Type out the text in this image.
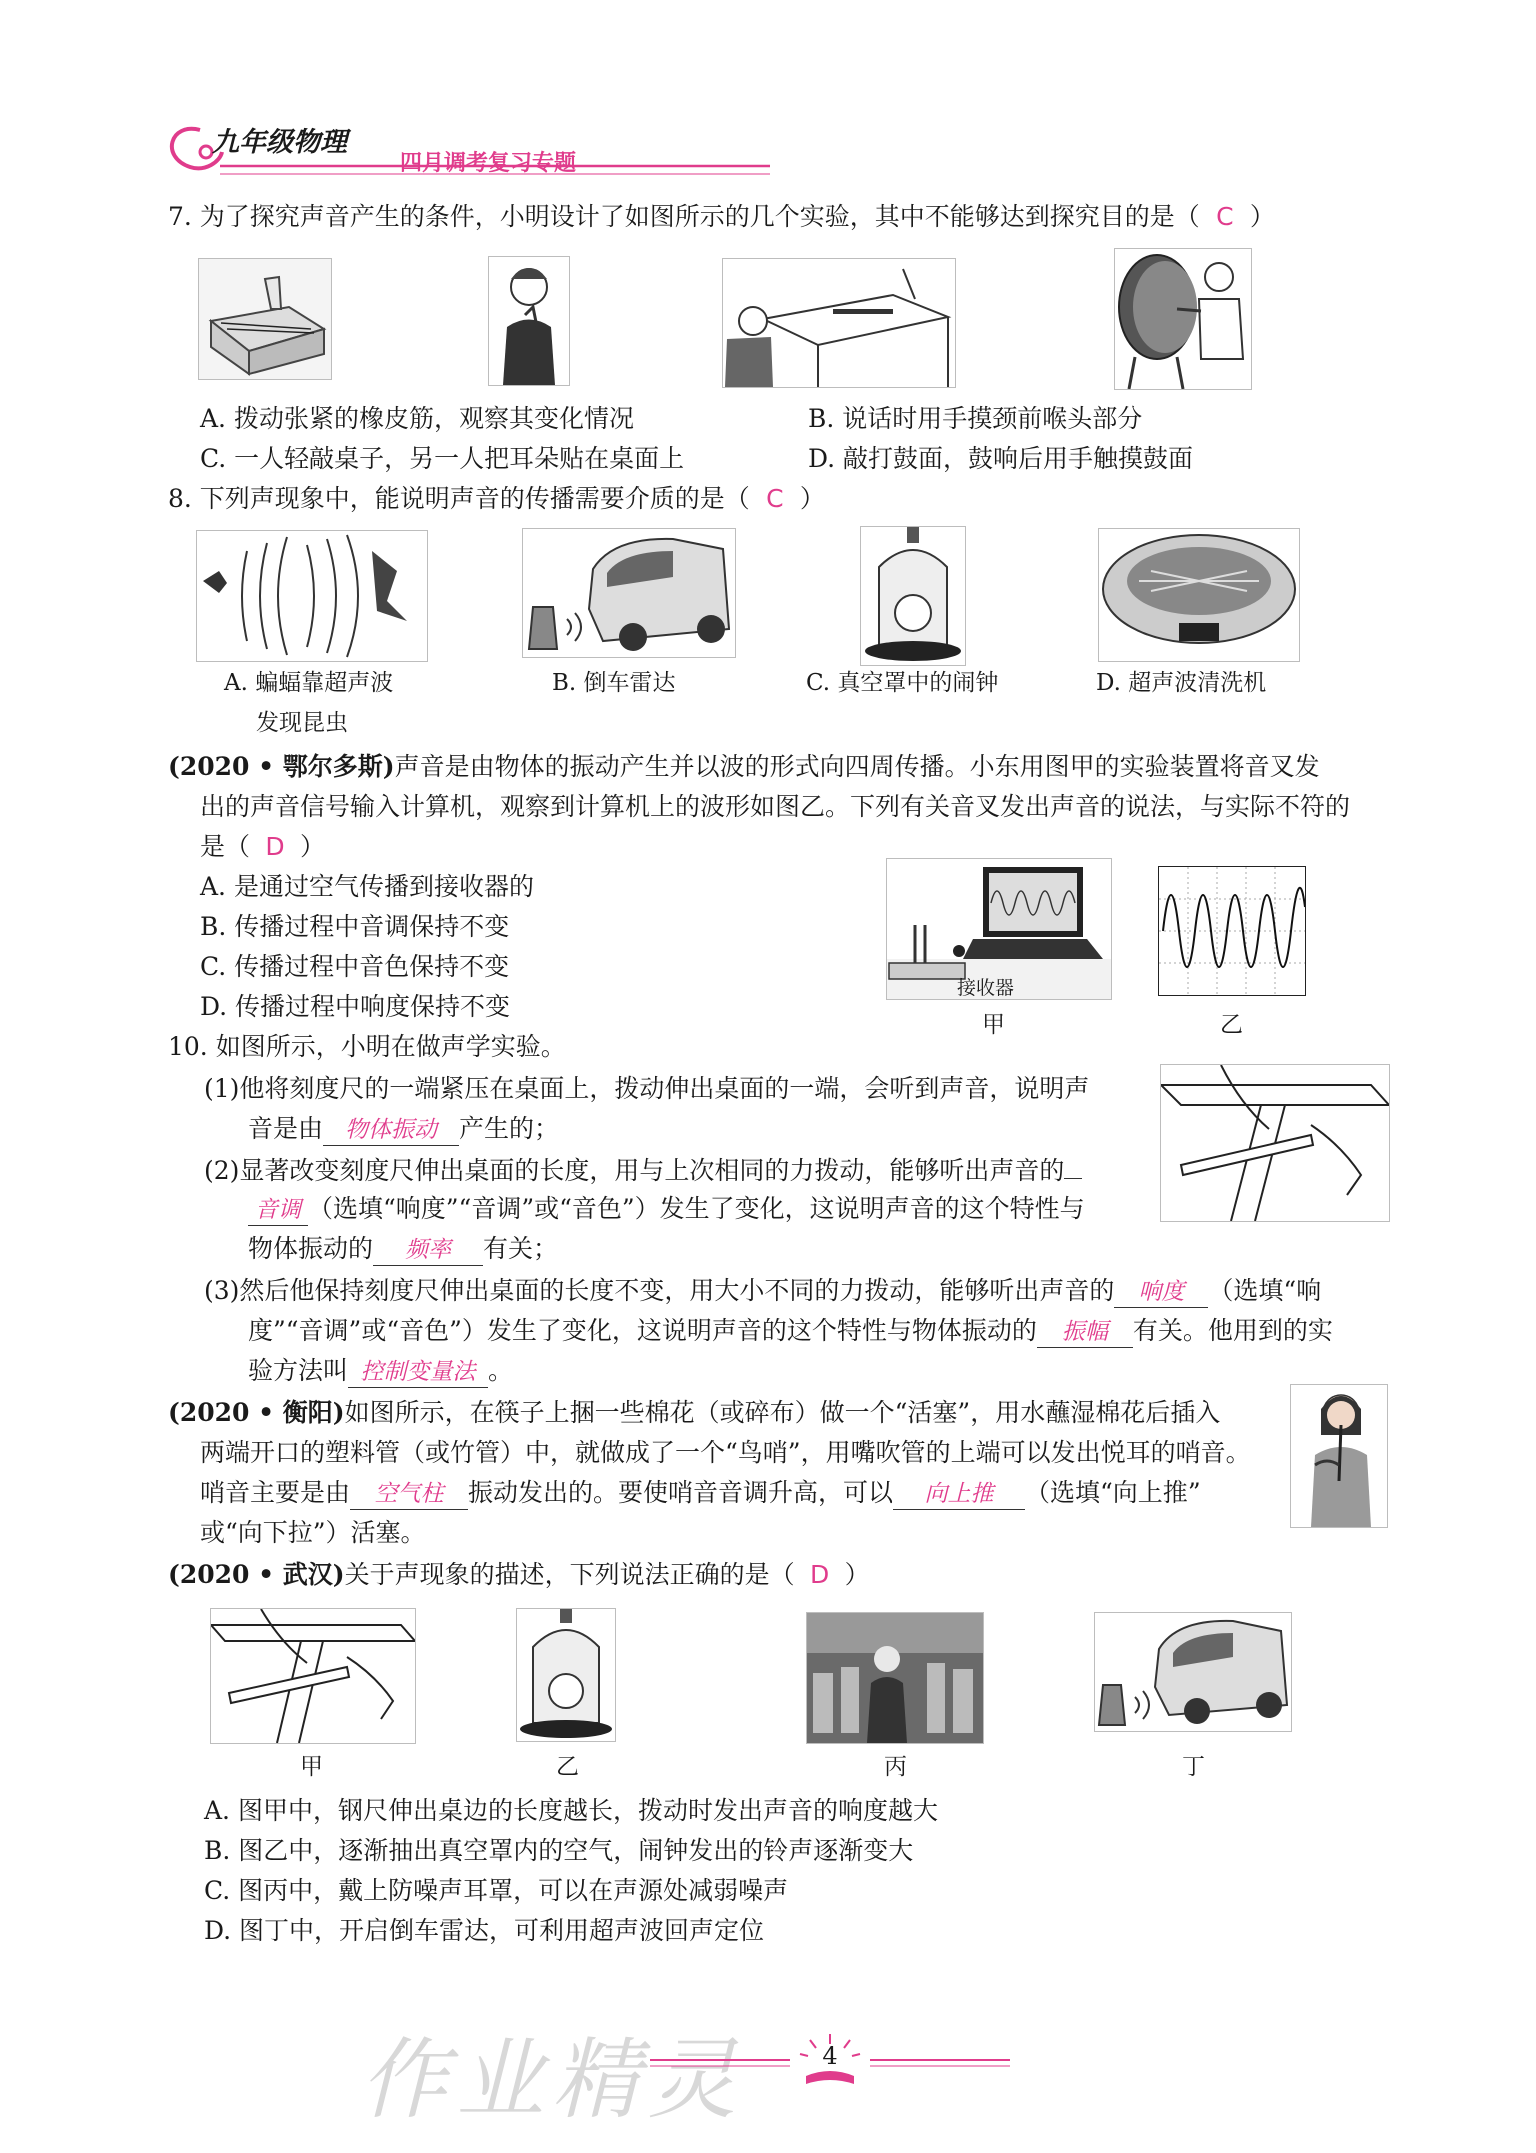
九年级物理
四月调考复习专题
7. 为了探究声音产生的条件，小明设计了如图所示的几个实验，其中不能够达到探究目的是（ C ）
A. 拨动张紧的橡皮筋，观察其变化情况	B. 说话时用手摸颈前喉头部分
C. 一人轻敲桌子，另一人把耳朵贴在桌面上	D. 敲打鼓面，鼓响后用手触摸鼓面
8. 下列声现象中，能说明声音的传播需要介质的是（ C ）
A. 蝙蝠靠超声波
发现昆虫
B. 倒车雷达	C. 真空罩中的闹钟	D. 超声波清洗机
(2020 • 鄂尔多斯)声音是由物体的振动产生并以波的形式向四周传播。小东用图甲的实验装置将音叉发
出的声音信号输入计算机，观察到计算机上的波形如图乙。下列有关音叉发出声音的说法，与实际不符的
是（ D ）
A. 是通过空气传播到接收器的
B. 传播过程中音调保持不变
C. 传播过程中音色保持不变
D. 传播过程中响度保持不变
接收器
甲	乙
10. 如图所示，小明在做声学实验。
(1)他将刻度尺的一端紧压在桌面上，拨动伸出桌面的一端，会听到声音，说明声
音是由 物体振动 产生的；
(2)显著改变刻度尺伸出桌面的长度，用与上次相同的力拨动，能够听出声音的
音调 （选填“响度”“音调”或“音色”）发生了变化，这说明声音的这个特性与
物体振动的 频率 有关；
(3)然后他保持刻度尺伸出桌面的长度不变，用大小不同的力拨动，能够听出声音的 响度 （选填“响
度”“音调”或“音色”）发生了变化，这说明声音的这个特性与物体振动的 振幅 有关。他用到的实
验方法叫 控制变量法 。
(2020 • 衡阳)如图所示，在筷子上捆一些棉花（或碎布）做一个“活塞”，用水蘸湿棉花后插入
两端开口的塑料管（或竹管）中，就做成了一个“鸟哨”，用嘴吹管的上端可以发出悦耳的哨音。
哨音主要是由 空气柱 振动发出的。要使哨音音调升高，可以 向上推 （选填“向上推”
或“向下拉”）活塞。
(2020 • 武汉)关于声现象的描述，下列说法正确的是（ D ）
甲	乙	丙	丁
A. 图甲中，钢尺伸出桌边的长度越长，拨动时发出声音的响度越大
B. 图乙中，逐渐抽出真空罩内的空气，闹钟发出的铃声逐渐变大
C. 图丙中，戴上防噪声耳罩，可以在声源处减弱噪声
D. 图丁中，开启倒车雷达，可利用超声波回声定位
作业精灵	4
